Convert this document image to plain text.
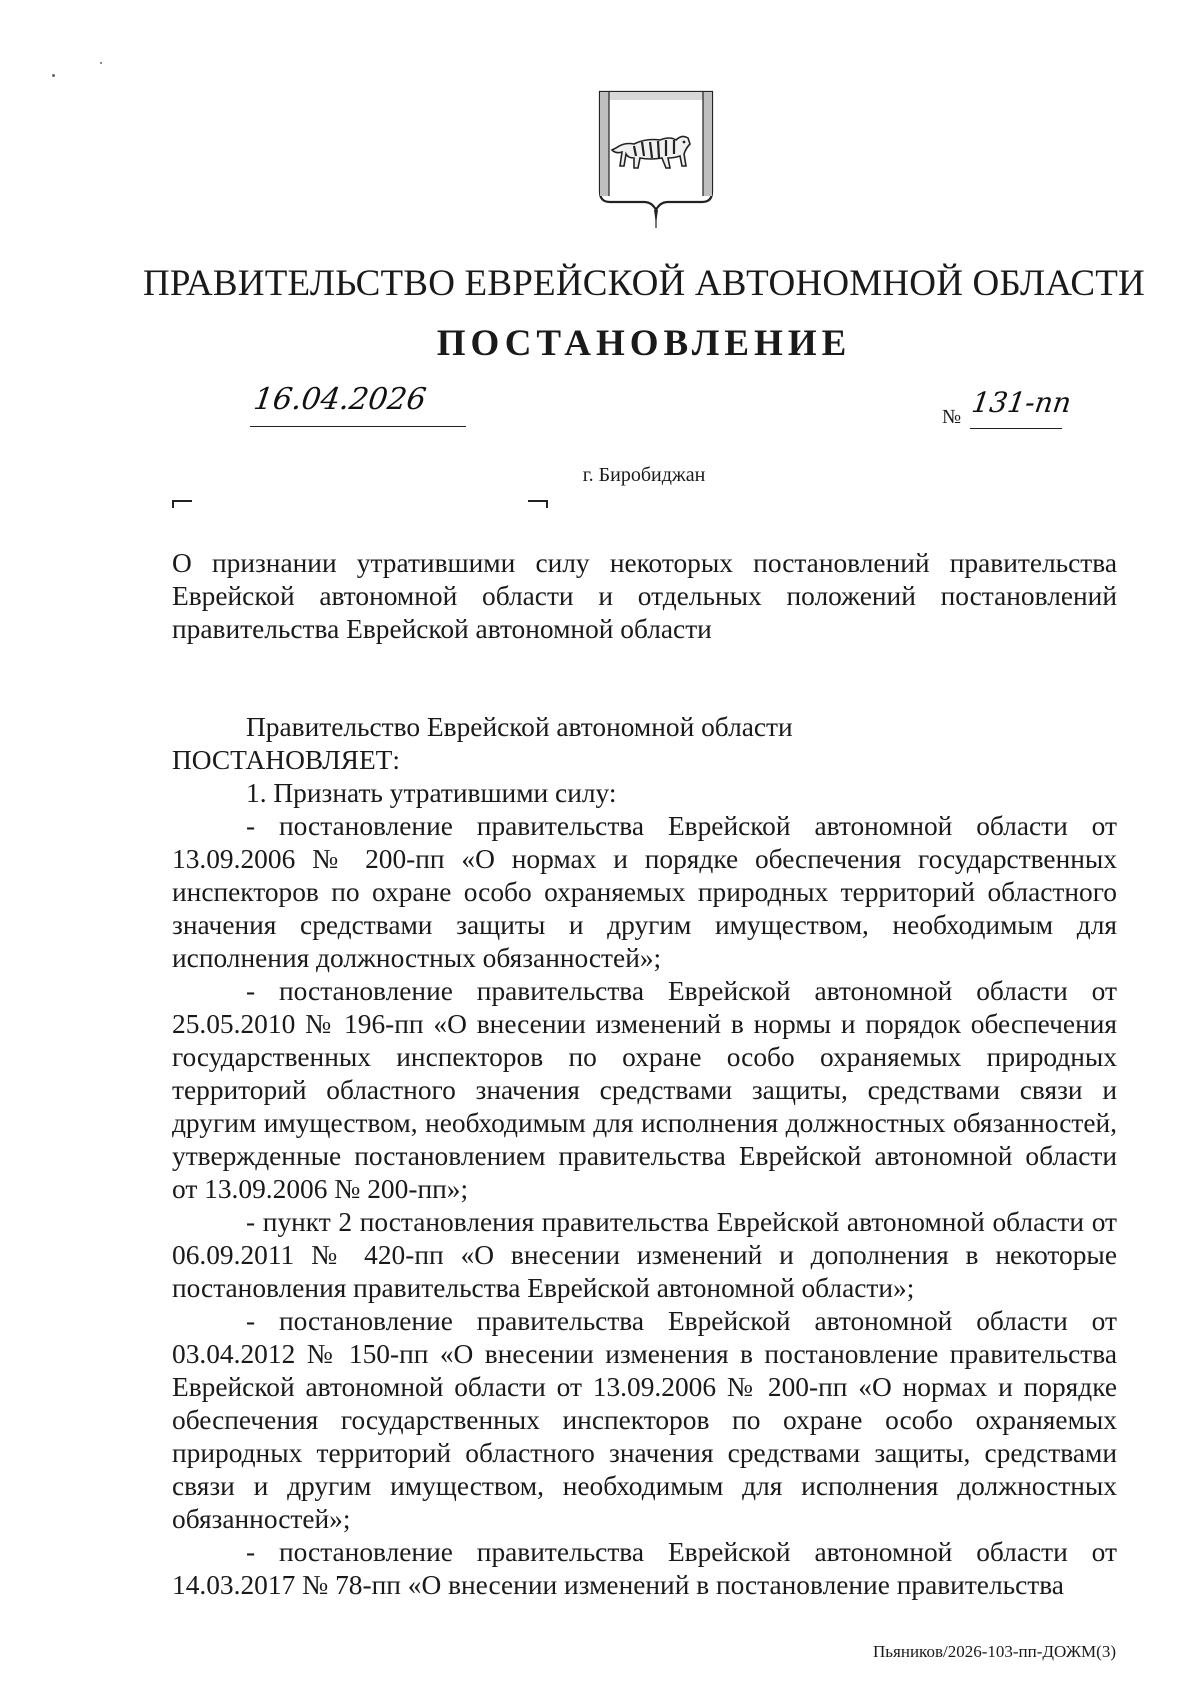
ПРАВИТЕЛЬСТВО ЕВРЕЙСКОЙ АВТОНОМНОЙ ОБЛАСТИ
ПОСТАНОВЛЕНИЕ
16.04.2026	№ 131-пп
г. Биробиджан
О признании утратившими силу некоторых постановлений правительства Еврейской автономной области и отдельных положений постановлений правительства Еврейской автономной области

Правительство Еврейской автономной области

ПОСТАНОВЛЯЕТ:

1. Признать утратившими силу:

- постановление правительства Еврейской автономной области от 13.09.2006 № 200-пп «О нормах и порядке обеспечения государственных инспекторов по охране особо охраняемых природных территорий областного значения средствами защиты и другим имуществом, необходимым для исполнения должностных обязанностей»;

- постановление правительства Еврейской автономной области от 25.05.2010 № 196-пп «О внесении изменений в нормы и порядок обеспечения государственных инспекторов по охране особо охраняемых природных территорий областного значения средствами защиты, средствами связи и другим имуществом, необходимым для исполнения должностных обязанностей, утвержденные постановлением правительства Еврейской автономной области от 13.09.2006 № 200-пп»;

- пункт 2 постановления правительства Еврейской автономной области от 06.09.2011 № 420-пп «О внесении изменений и дополнения в некоторые постановления правительства Еврейской автономной области»;

- постановление правительства Еврейской автономной области от 03.04.2012 № 150-пп «О внесении изменения в постановление правительства Еврейской автономной области от 13.09.2006 № 200-пп «О нормах и порядке обеспечения государственных инспекторов по охране особо охраняемых природных территорий областного значения средствами защиты, средствами связи и другим имуществом, необходимым для исполнения должностных обязанностей»;

- постановление правительства Еврейской автономной области от 14.03.2017 № 78-пп «О внесении изменений в постановление правительства

Пьяников/2026-103-пп-ДОЖМ(3)
